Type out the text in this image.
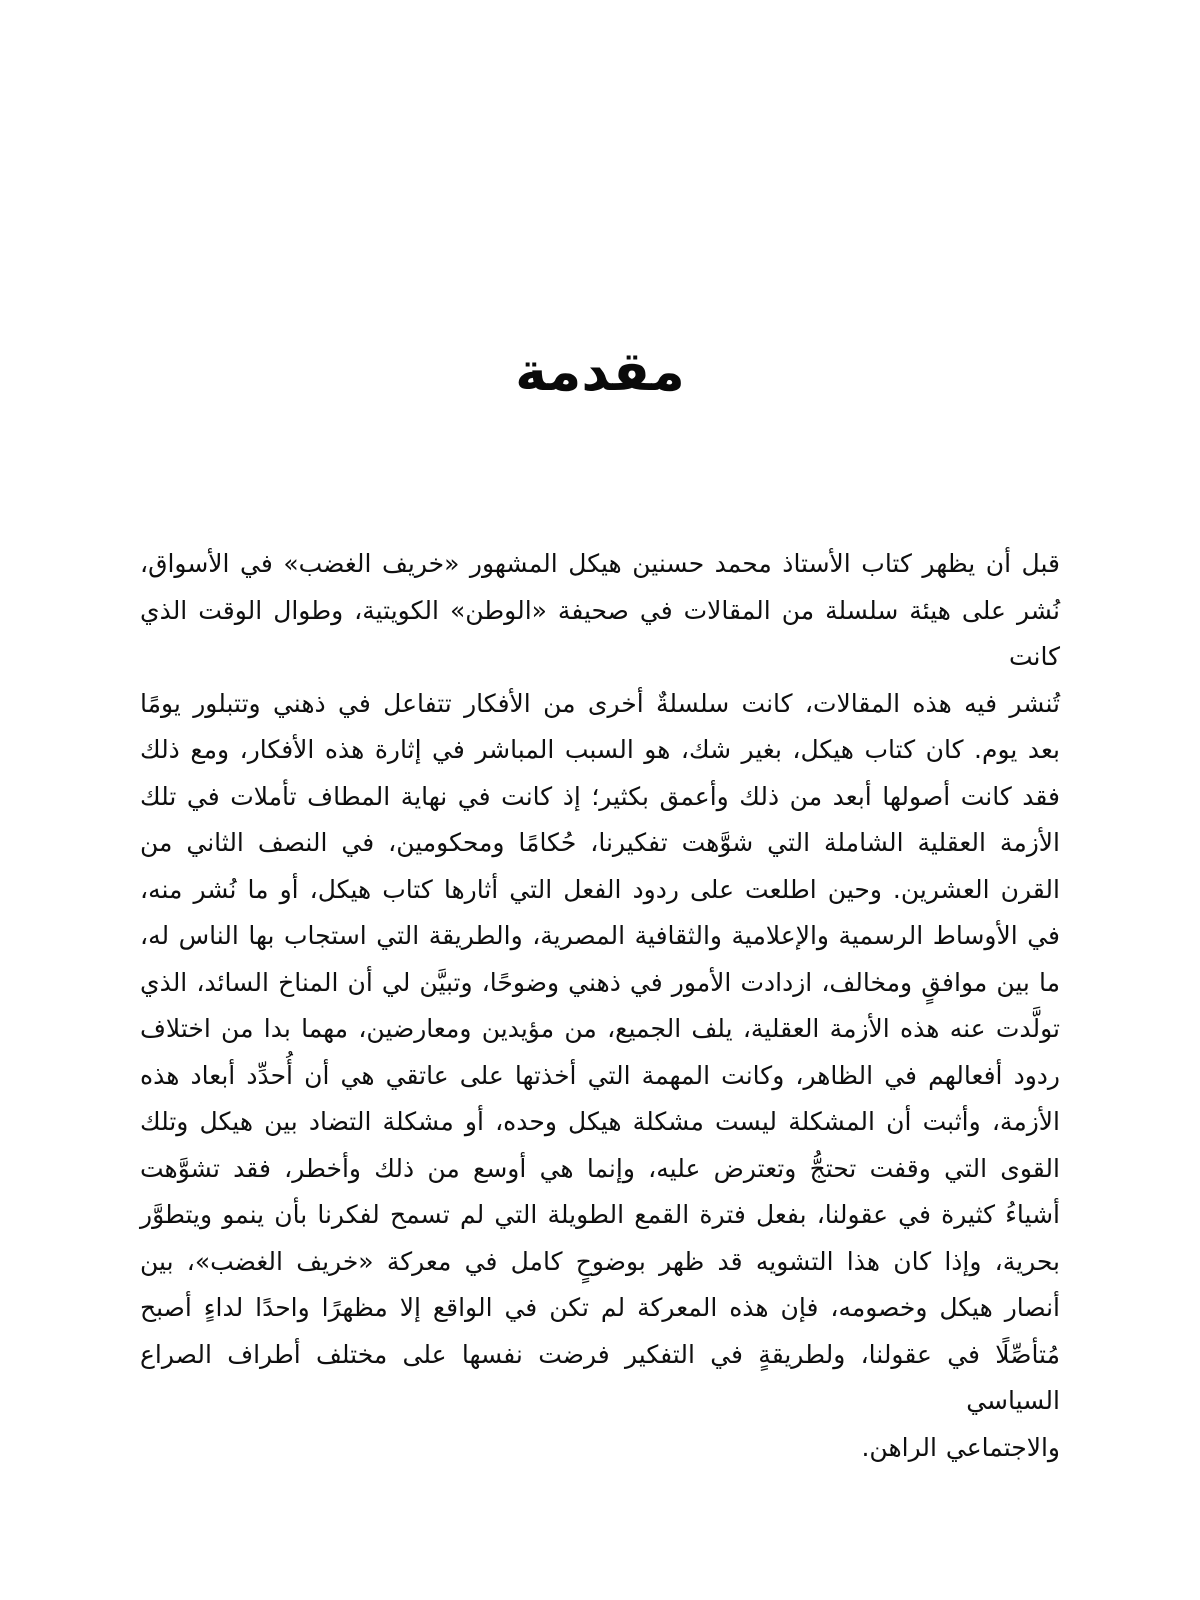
مقدمة

قبل أن يظهر كتاب الأستاذ محمد حسنين هيكل المشهور «خريف الغضب» في الأسواق،

نُشر على هيئة سلسلة من المقالات في صحيفة «الوطن» الكويتية، وطوال الوقت الذي كانت

تُنشر فيه هذه المقالات، كانت سلسلةٌ أخرى من الأفكار تتفاعل في ذهني وتتبلور يومًا

بعد يوم. كان كتاب هيكل، بغير شك، هو السبب المباشر في إثارة هذه الأفكار، ومع ذلك

فقد كانت أصولها أبعد من ذلك وأعمق بكثير؛ إذ كانت في نهاية المطاف تأملات في تلك

الأزمة العقلية الشاملة التي شوَّهت تفكيرنا، حُكامًا ومحكومين، في النصف الثاني من

القرن العشرين. وحين اطلعت على ردود الفعل التي أثارها كتاب هيكل، أو ما نُشر منه،

في الأوساط الرسمية والإعلامية والثقافية المصرية، والطريقة التي استجاب بها الناس له،

ما بين موافقٍ ومخالف، ازدادت الأمور في ذهني وضوحًا، وتبيَّن لي أن المناخ السائد، الذي

تولَّدت عنه هذه الأزمة العقلية، يلف الجميع، من مؤيدين ومعارضين، مهما بدا من اختلاف

ردود أفعالهم في الظاهر، وكانت المهمة التي أخذتها على عاتقي هي أن أُحدِّد أبعاد هذه

الأزمة، وأثبت أن المشكلة ليست مشكلة هيكل وحده، أو مشكلة التضاد بين هيكل وتلك

القوى التي وقفت تحتجُّ وتعترض عليه، وإنما هي أوسع من ذلك وأخطر، فقد تشوَّهت

أشياءُ كثيرة في عقولنا، بفعل فترة القمع الطويلة التي لم تسمح لفكرنا بأن ينمو ويتطوَّر

بحرية، وإذا كان هذا التشويه قد ظهر بوضوحٍ كامل في معركة «خريف الغضب»، بين

أنصار هيكل وخصومه، فإن هذه المعركة لم تكن في الواقع إلا مظهرًا واحدًا لداءٍ أصبح

مُتأصِّلًا في عقولنا، ولطريقةٍ في التفكير فرضت نفسها على مختلف أطراف الصراع السياسي

والاجتماعي الراهن.
